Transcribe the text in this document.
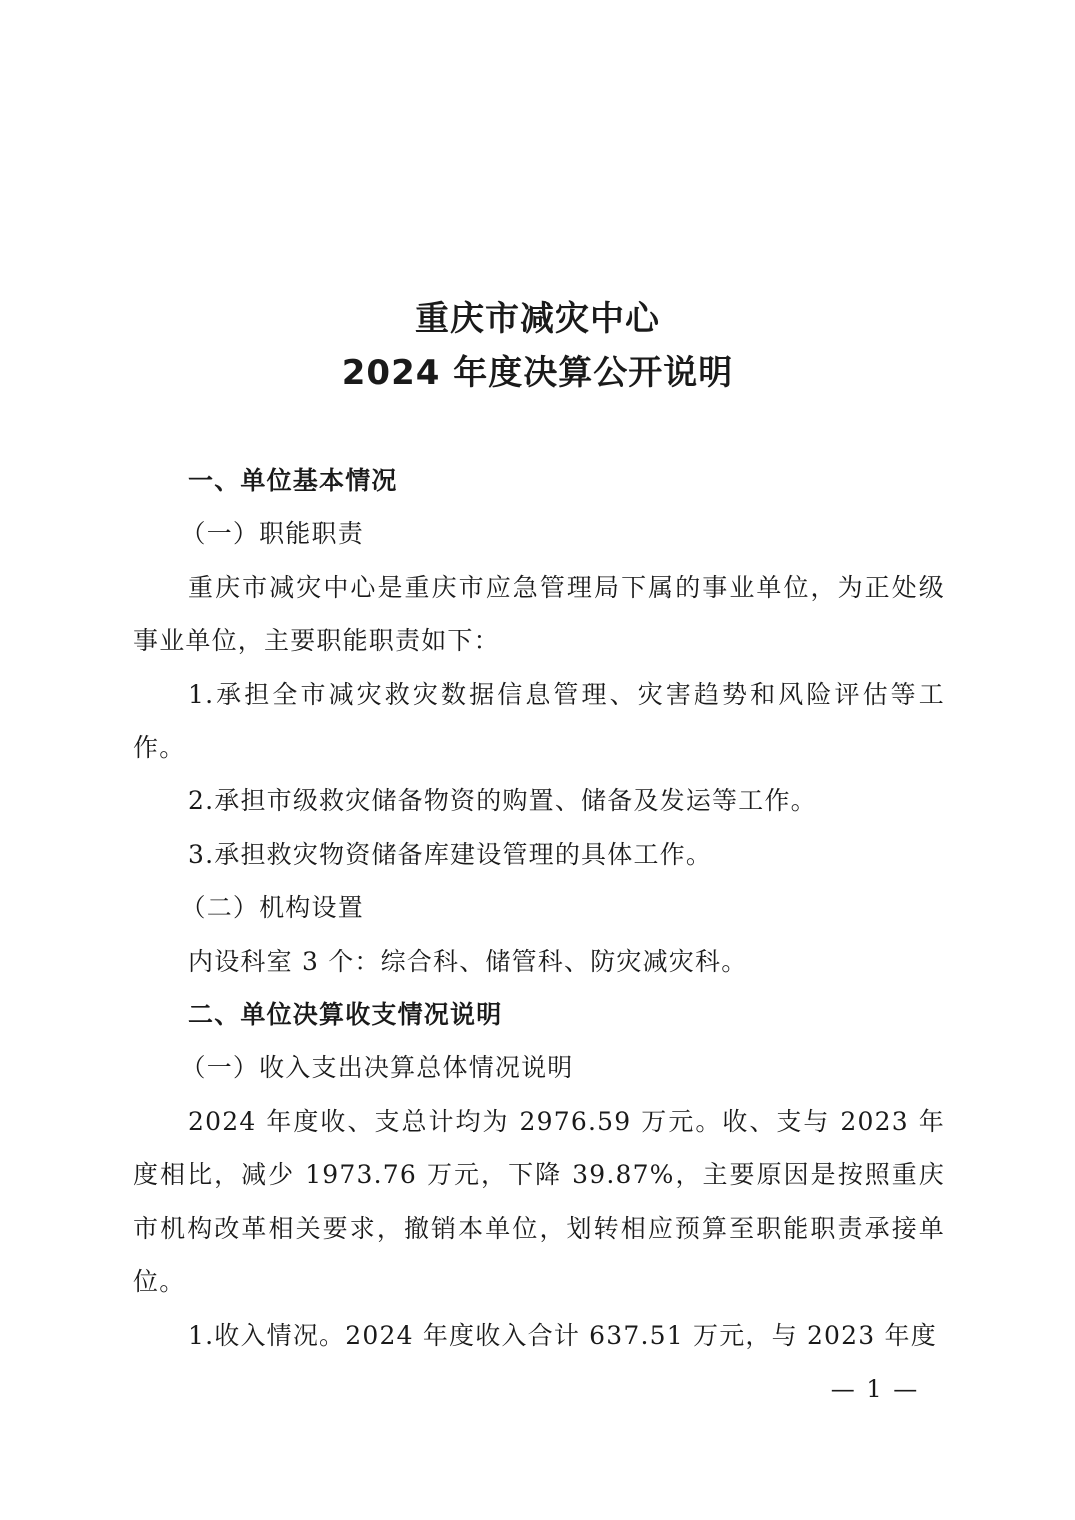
重庆市减灾中心
2024 年度决算公开说明

一、单位基本情况

（一）职能职责

重庆市减灾中心是重庆市应急管理局下属的事业单位，为正处级事业单位，主要职能职责如下：

1.承担全市减灾救灾数据信息管理、灾害趋势和风险评估等工作。

2.承担市级救灾储备物资的购置、储备及发运等工作。

3.承担救灾物资储备库建设管理的具体工作。

（二）机构设置

内设科室 3 个：综合科、储管科、防灾减灾科。

二、单位决算收支情况说明

（一）收入支出决算总体情况说明

2024 年度收、支总计均为 2976.59 万元。收、支与 2023 年度相比，减少 1973.76 万元，下降 39.87%，主要原因是按照重庆市机构改革相关要求，撤销本单位，划转相应预算至职能职责承接单位。

1.收入情况。2024 年度收入合计 637.51 万元，与 2023 年度

— 1 —
